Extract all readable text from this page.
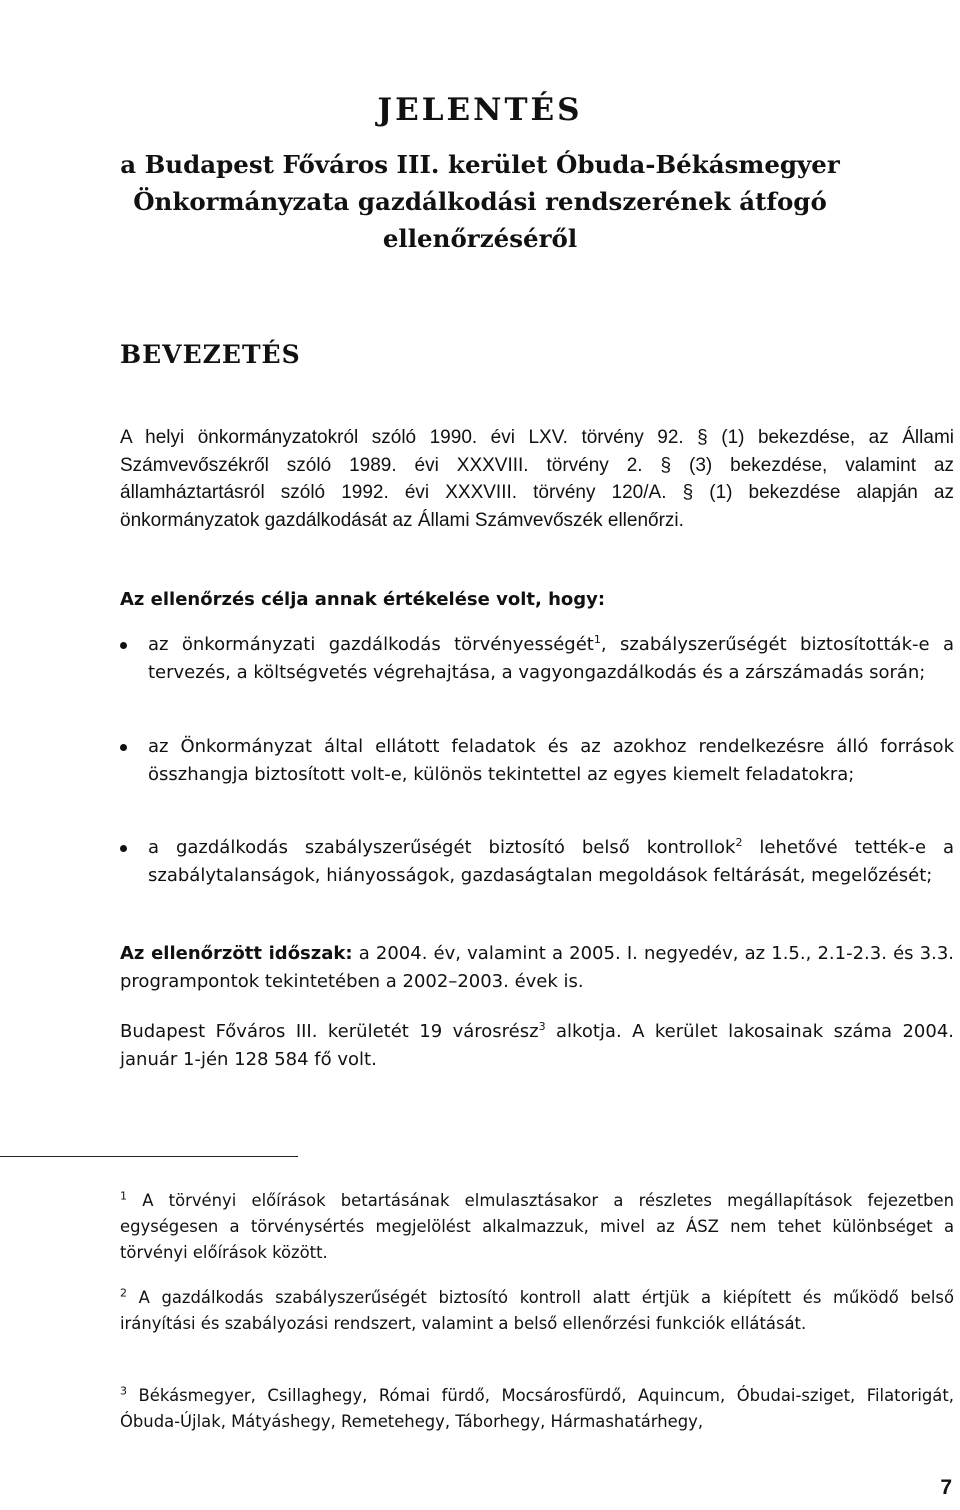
JELENTÉS
a Budapest Főváros III. kerület Óbuda-Békásmegyer
Önkormányzata gazdálkodási rendszerének átfogó
ellenőrzéséről
BEVEZETÉS

A helyi önkormányzatokról szóló 1990. évi LXV. törvény 92. § (1) bekezdése, az Állami Számvevőszékről szóló 1989. évi XXXVIII. törvény 2. § (3) bekezdése, valamint az államháztartásról szóló 1992. évi XXXVIII. törvény 120/A. § (1) bekezdése alapján az önkormányzatok gazdálkodását az Állami Számvevőszék ellenőrzi.

Az ellenőrzés célja annak értékelése volt, hogy:

az önkormányzati gazdálkodás törvényességét$^1$, szabályszerűségét biztosították-e a tervezés, a költségvetés végrehajtása, a vagyongazdálkodás és a zárszámadás során;
az Önkormányzat által ellátott feladatok és az azokhoz rendelkezésre álló források összhangja biztosított volt-e, különös tekintettel az egyes kiemelt feladatokra;
a gazdálkodás szabályszerűségét biztosító belső kontrollok$^2$ lehetővé tették-e a szabálytalanságok, hiányosságok, gazdaságtalan megoldások feltárását, megelőzését;

Az ellenőrzött időszak: a 2004. év, valamint a 2005. I. negyedév, az 1.5., 2.1-2.3. és 3.3. programpontok tekintetében a 2002–2003. évek is.

Budapest Főváros III. kerületét 19 városrész$^3$ alkotja. A kerület lakosainak száma 2004. január 1-jén 128 584 fő volt.

$^1$ A törvényi előírások betartásának elmulasztásakor a részletes megállapítások fejezetben egységesen a törvénysértés megjelölést alkalmazzuk, mivel az ÁSZ nem tehet különbséget a törvényi előírások között.

$^2$ A gazdálkodás szabályszerűségét biztosító kontroll alatt értjük a kiépített és működő belső irányítási és szabályozási rendszert, valamint a belső ellenőrzési funkciók ellátását.

$^3$ Békásmegyer, Csillaghegy, Római fürdő, Mocsárosfürdő, Aquincum, Óbudai-sziget, Filatorigát, Óbuda-Újlak, Mátyáshegy, Remetehegy, Táborhegy, Hármashatárhegy,

7
